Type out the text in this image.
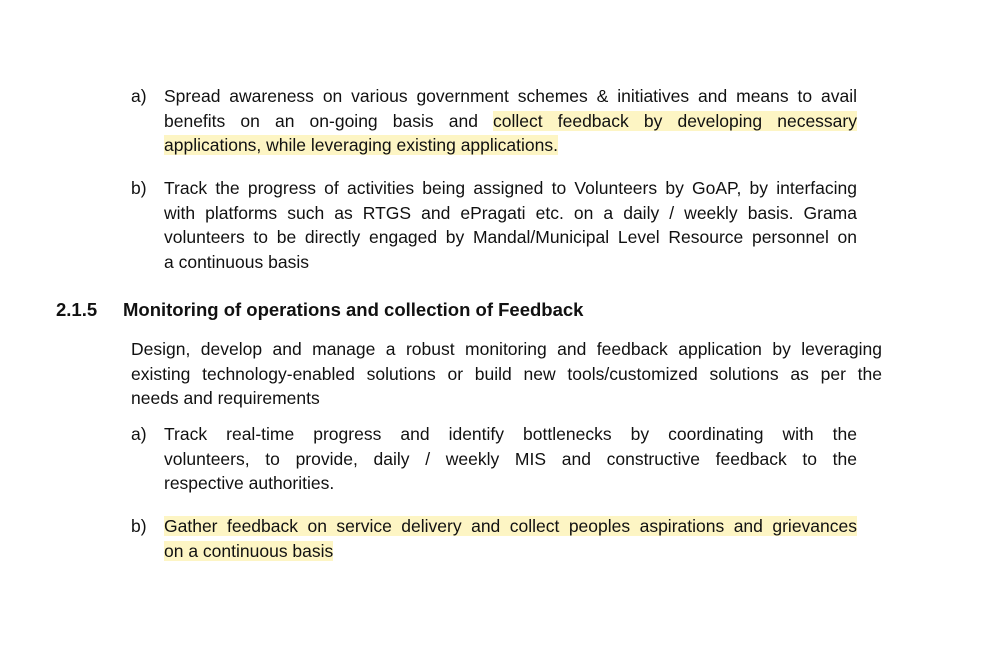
a) Spread awareness on various government schemes & initiatives and means to avail
benefits on an on-going basis and collect feedback by developing necessary
applications, while leveraging existing applications.
b) Track the progress of activities being assigned to Volunteers by GoAP, by interfacing
with platforms such as RTGS and ePragati etc. on a daily / weekly basis. Grama
volunteers to be directly engaged by Mandal/Municipal Level Resource personnel on
a continuous basis
2.1.5 Monitoring of operations and collection of Feedback
Design, develop and manage a robust monitoring and feedback application by leveraging
existing technology-enabled solutions or build new tools/customized solutions as per the
needs and requirements
a) Track real-time progress and identify bottlenecks by coordinating with the
volunteers, to provide, daily / weekly MIS and constructive feedback to the
respective authorities.
b) Gather feedback on service delivery and collect peoples aspirations and grievances
on a continuous basis
